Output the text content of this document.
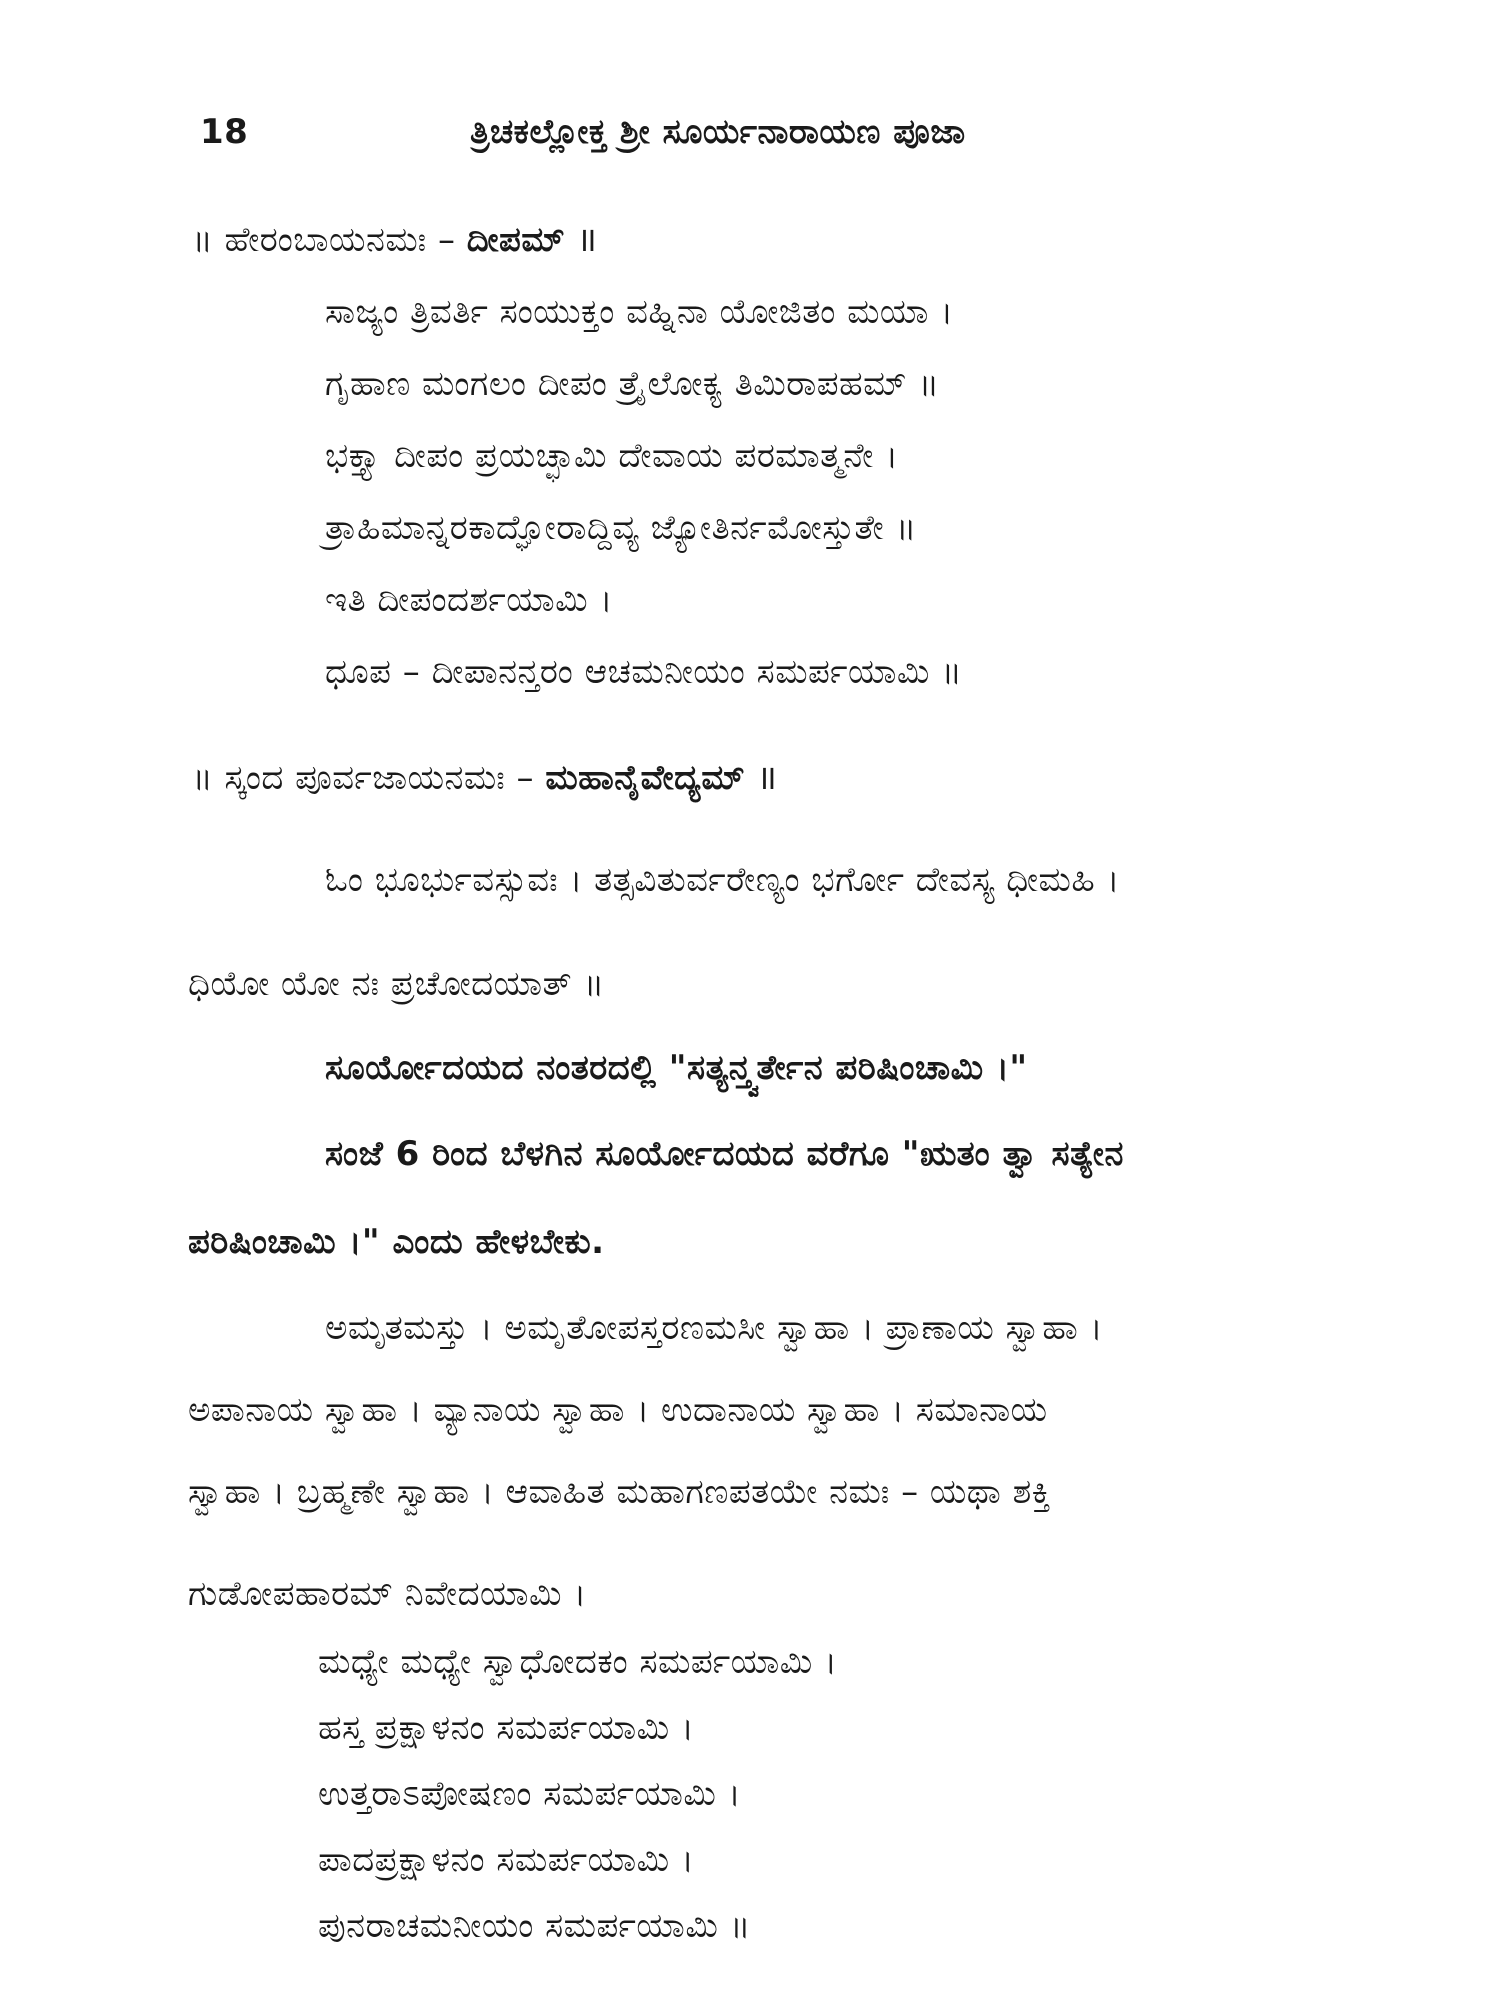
18	ತ್ರಿಚಕಲ್ಲೋಕ್ತ ಶ್ರೀ ಸೂರ್ಯನಾರಾಯಣ ಪೂಜಾ
॥ ಹೇರಂಬಾಯನಮಃ – ದೀಪಮ್ ॥
ಸಾಜ್ಯಂ ತ್ರಿವರ್ತಿ ಸಂಯುಕ್ತಂ ವಹ್ನಿನಾ ಯೋಜಿತಂ ಮಯಾ ।
ಗೃಹಾಣ ಮಂಗಲಂ ದೀಪಂ ತ್ರೈಲೋಕ್ಯ ತಿಮಿರಾಪಹಮ್ ॥
ಭಕ್ತ್ಯಾ ದೀಪಂ ಪ್ರಯಚ್ಛಾಮಿ ದೇವಾಯ ಪರಮಾತ್ಮನೇ ।
ತ್ರಾಹಿಮಾನ್ನರಕಾದ್ಘೋರಾದ್ದಿವ್ಯ ಜ್ಯೋತಿರ್ನಮೋಸ್ತುತೇ ॥
ಇತಿ ದೀಪಂದರ್ಶಯಾಮಿ ।
ಧೂಪ – ದೀಪಾನನ್ತರಂ ಆಚಮನೀಯಂ ಸಮರ್ಪಯಾಮಿ ॥
॥ ಸ್ಕಂದ ಪೂರ್ವಜಾಯನಮಃ – ಮಹಾನೈವೇದ್ಯಮ್ ॥
ಓಂ ಭೂರ್ಭುವಸ್ಸುವಃ । ತತ್ಸವಿತುರ್ವರೇಣ್ಯಂ ಭರ್ಗೋ ದೇವಸ್ಯ ಧೀಮಹಿ ।
ಧಿಯೋ ಯೋ ನಃ ಪ್ರಚೋದಯಾತ್ ॥
ಸೂರ್ಯೋದಯದ ನಂತರದಲ್ಲಿ "ಸತ್ಯನ್ತ್ವರ್ತೇನ ಪರಿಷಿಂಚಾಮಿ ।"
ಸಂಜೆ 6 ರಿಂದ ಬೆಳಗಿನ ಸೂರ್ಯೋದಯದ ವರೆಗೂ "ಋತಂ ತ್ವಾ ಸತ್ಯೇನ
ಪರಿಷಿಂಚಾಮಿ ।" ಎಂದು ಹೇಳಬೇಕು.
ಅಮೃತಮಸ್ತು । ಅಮೃತೋಪಸ್ತರಣಮಸೀ ಸ್ವಾಹಾ । ಪ್ರಾಣಾಯ ಸ್ವಾಹಾ ।
ಅಪಾನಾಯ ಸ್ವಾಹಾ । ವ್ಯಾನಾಯ ಸ್ವಾಹಾ । ಉದಾನಾಯ ಸ್ವಾಹಾ । ಸಮಾನಾಯ
ಸ್ವಾಹಾ । ಬ್ರಹ್ಮಣೇ ಸ್ವಾಹಾ । ಆವಾಹಿತ ಮಹಾಗಣಪತಯೇ ನಮಃ – ಯಥಾ ಶಕ್ತಿ
ಗುಡೋಪಹಾರಮ್ ನಿವೇದಯಾಮಿ ।
ಮಧ್ಯೇ ಮಧ್ಯೇ ಸ್ವಾಧೋದಕಂ ಸಮರ್ಪಯಾಮಿ ।
ಹಸ್ತ ಪ್ರಕ್ಷಾಳನಂ ಸಮರ್ಪಯಾಮಿ ।
ಉತ್ತರಾಽಪೋಷಣಂ ಸಮರ್ಪಯಾಮಿ ।
ಪಾದಪ್ರಕ್ಷಾಳನಂ ಸಮರ್ಪಯಾಮಿ ।
ಪುನರಾಚಮನೀಯಂ ಸಮರ್ಪಯಾಮಿ ॥
